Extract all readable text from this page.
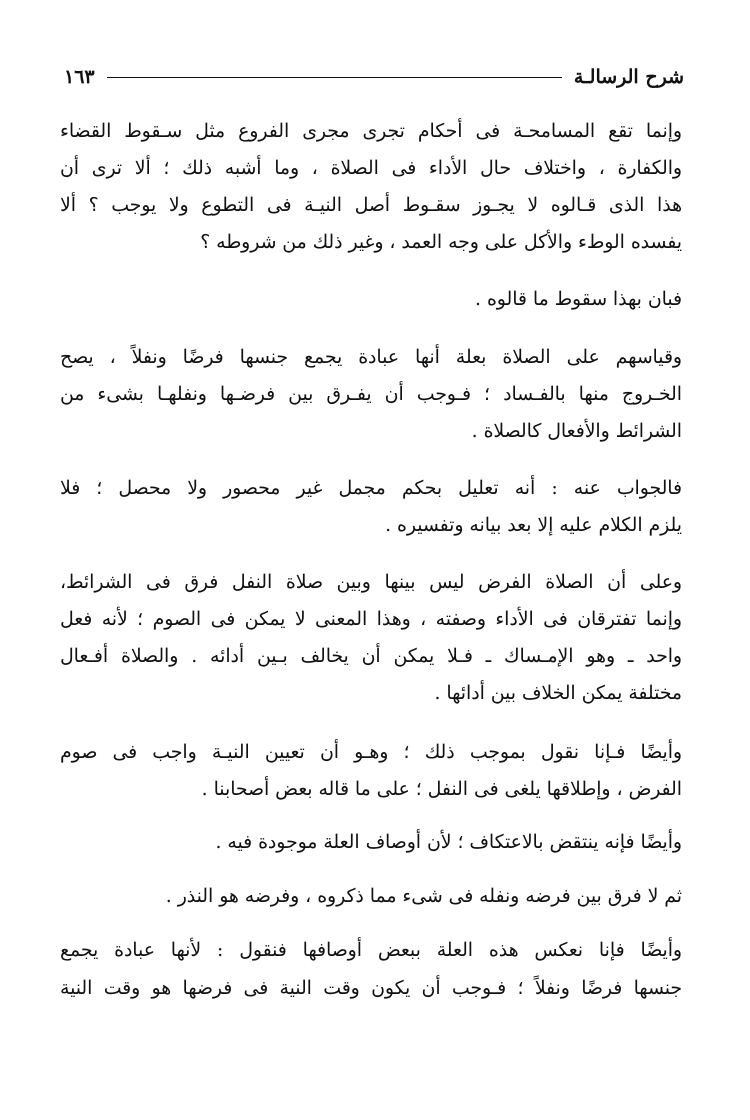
شرح الرسالـة
١٦٣
وإنما تقع المسامحـة فى أحكام تجرى مجرى الفروع مثل سـقوط القضاء
والكفارة ، واختلاف حال الأداء فى الصلاة ، وما أشبه ذلك ؛ ألا ترى أن
هذا الذى قـالوه لا يجـوز سقـوط أصل النيـة فى التطوع ولا يوجب ؟ ألا
يفسده الوطء والأكل على وجه العمد ، وغير ذلك من شروطه ؟
فبان بهذا سقوط ما قالوه .
وقياسهم على الصلاة بعلة أنها عبادة يجمع جنسها فرضًا ونفلاً ، يصح
الخـروج منها بالفـساد ؛ فـوجب أن يفـرق بين فرضـها ونفلهـا بشىء من
الشرائط والأفعال كالصلاة .
فالجواب عنه : أنه تعليل بحكم مجمل غير محصور ولا محصل ؛ فلا
يلزم الكلام عليه إلا بعد بيانه وتفسيره .
وعلى أن الصلاة الفرض ليس بينها وبين صلاة النفل فرق فى الشرائط،
وإنما تفترقان فى الأداء وصفته ، وهذا المعنى لا يمكن فى الصوم ؛ لأنه فعل
واحد ـ وهو الإمـساك ـ فـلا يمكن أن يخالف بـين أدائه . والصلاة أفـعال
مختلفة يمكن الخلاف بين أدائها .
وأيضًا فـإنا نقول بموجب ذلك ؛ وهـو أن تعيين النيـة واجب فى صوم
الفرض ، وإطلاقها يلغى فى النفل ؛ على ما قاله بعض أصحابنا .
وأيضًا فإنه ينتقض بالاعتكاف ؛ لأن أوصاف العلة موجودة فيه .
ثم لا فرق بين فرضه ونفله فى شىء مما ذكروه ، وفرضه هو النذر .
وأيضًا فإنا نعكس هذه العلة ببعض أوصافها فنقول : لأنها عبادة يجمع
جنسها فرضًا ونفلاً ؛ فـوجب أن يكون وقت النية فى فرضها هو وقت النية
